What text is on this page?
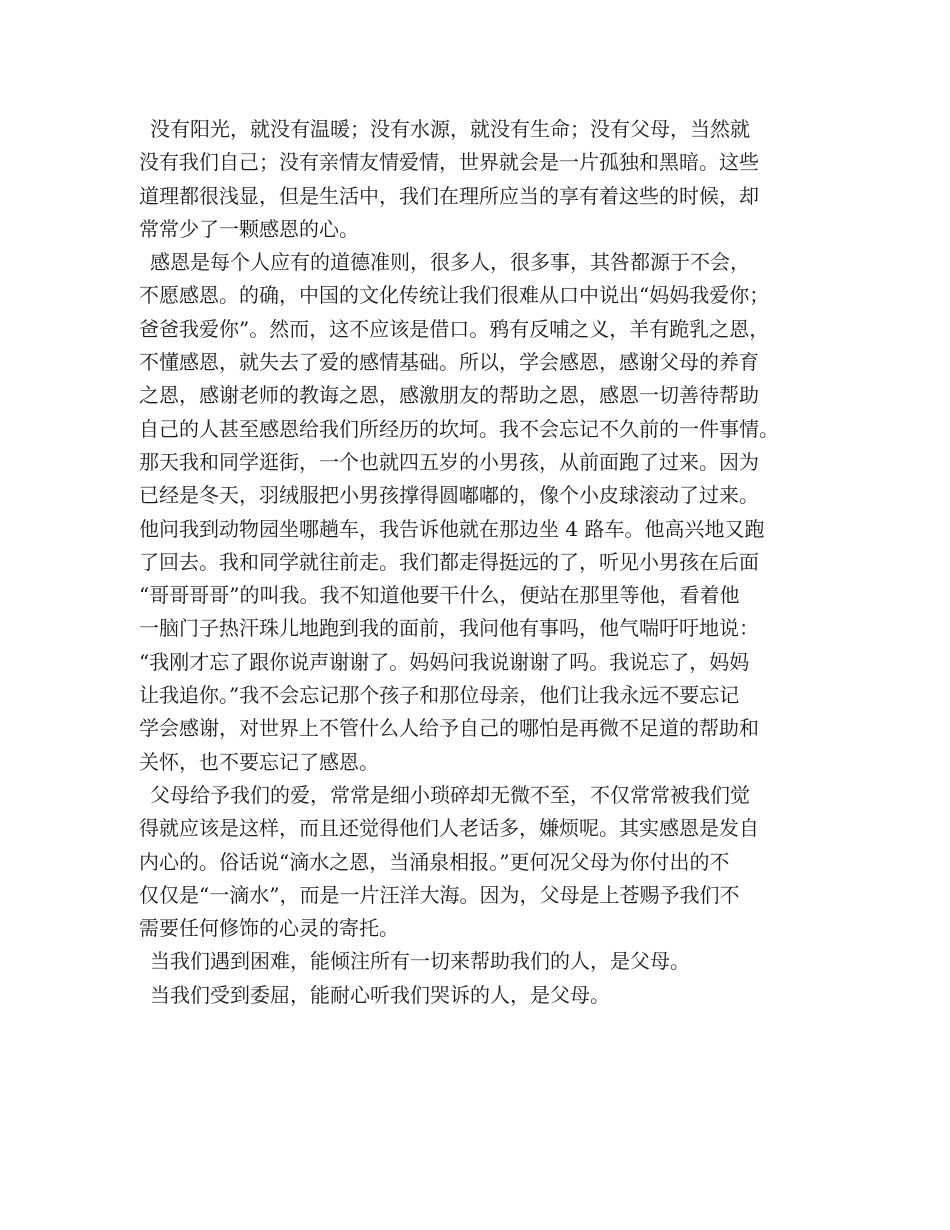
没有阳光，就没有温暖；没有水源，就没有生命；没有父母，当然就
没有我们自己；没有亲情友情爱情，世界就会是一片孤独和黑暗。这些
道理都很浅显，但是生活中，我们在理所应当的享有着这些的时候，却
常常少了一颗感恩的心。
感恩是每个人应有的道德准则，很多人，很多事，其咎都源于不会，
不愿感恩。的确，中国的文化传统让我们很难从口中说出“妈妈我爱你；
爸爸我爱你”。然而，这不应该是借口。鸦有反哺之义，羊有跪乳之恩，
不懂感恩，就失去了爱的感情基础。所以，学会感恩，感谢父母的养育
之恩，感谢老师的教诲之恩，感激朋友的帮助之恩，感恩一切善待帮助
自己的人甚至感恩给我们所经历的坎坷。我不会忘记不久前的一件事情。
那天我和同学逛街，一个也就四五岁的小男孩，从前面跑了过来。因为
已经是冬天，羽绒服把小男孩撑得圆嘟嘟的，像个小皮球滚动了过来。
他问我到动物园坐哪趟车，我告诉他就在那边坐 4 路车。他高兴地又跑
了回去。我和同学就往前走。我们都走得挺远的了，听见小男孩在后面
“哥哥哥哥”的叫我。我不知道他要干什么，便站在那里等他，看着他
一脑门子热汗珠儿地跑到我的面前，我问他有事吗，他气喘吁吁地说：
“我刚才忘了跟你说声谢谢了。妈妈问我说谢谢了吗。我说忘了，妈妈
让我追你。”我不会忘记那个孩子和那位母亲，他们让我永远不要忘记
学会感谢，对世界上不管什么人给予自己的哪怕是再微不足道的帮助和
关怀，也不要忘记了感恩。
父母给予我们的爱，常常是细小琐碎却无微不至，不仅常常被我们觉
得就应该是这样，而且还觉得他们人老话多，嫌烦呢。其实感恩是发自
内心的。俗话说“滴水之恩，当涌泉相报。”更何况父母为你付出的不
仅仅是“一滴水”，而是一片汪洋大海。因为，父母是上苍赐予我们不
需要任何修饰的心灵的寄托。
当我们遇到困难，能倾注所有一切来帮助我们的人，是父母。
当我们受到委屈，能耐心听我们哭诉的人，是父母。
